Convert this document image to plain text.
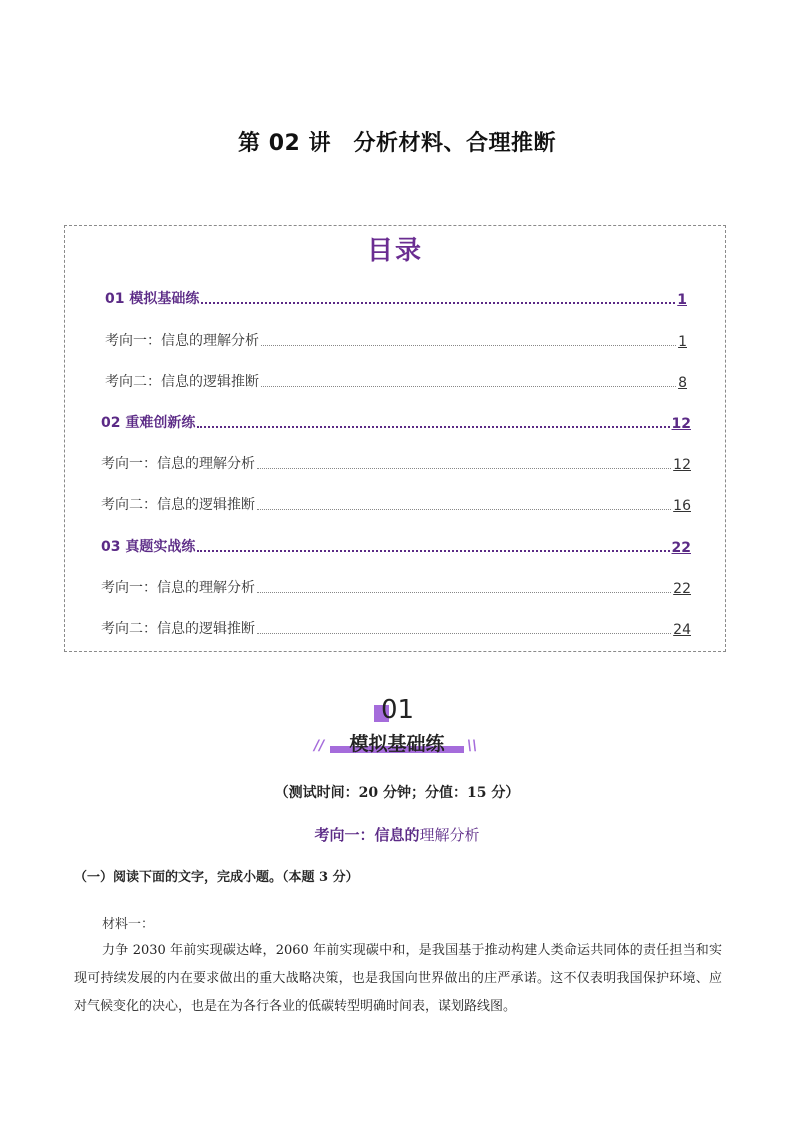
第 02 讲　分析材料、合理推断
目录
01 模拟基础练	1
考向一：信息的理解分析	1
考向二：信息的逻辑推断	8
02 重难创新练	12
考向一：信息的理解分析	12
考向二：信息的逻辑推断	16
03 真题实战练	22
考向一：信息的理解分析	22
考向二：信息的逻辑推断	24
01
//	模拟基础练	\\
（测试时间：20 分钟；分值：15 分）
考向一：信息的理解分析
（一）阅读下面的文字，完成小题。（本题 3 分）
材料一：
力争 2030 年前实现碳达峰，2060 年前实现碳中和，是我国基于推动构建人类命运共同体的责任担当和实现可持续发展的内在要求做出的重大战略决策，也是我国向世界做出的庄严承诺。这不仅表明我国保护环境、应对气候变化的决心，也是在为各行各业的低碳转型明确时间表，谋划路线图。
